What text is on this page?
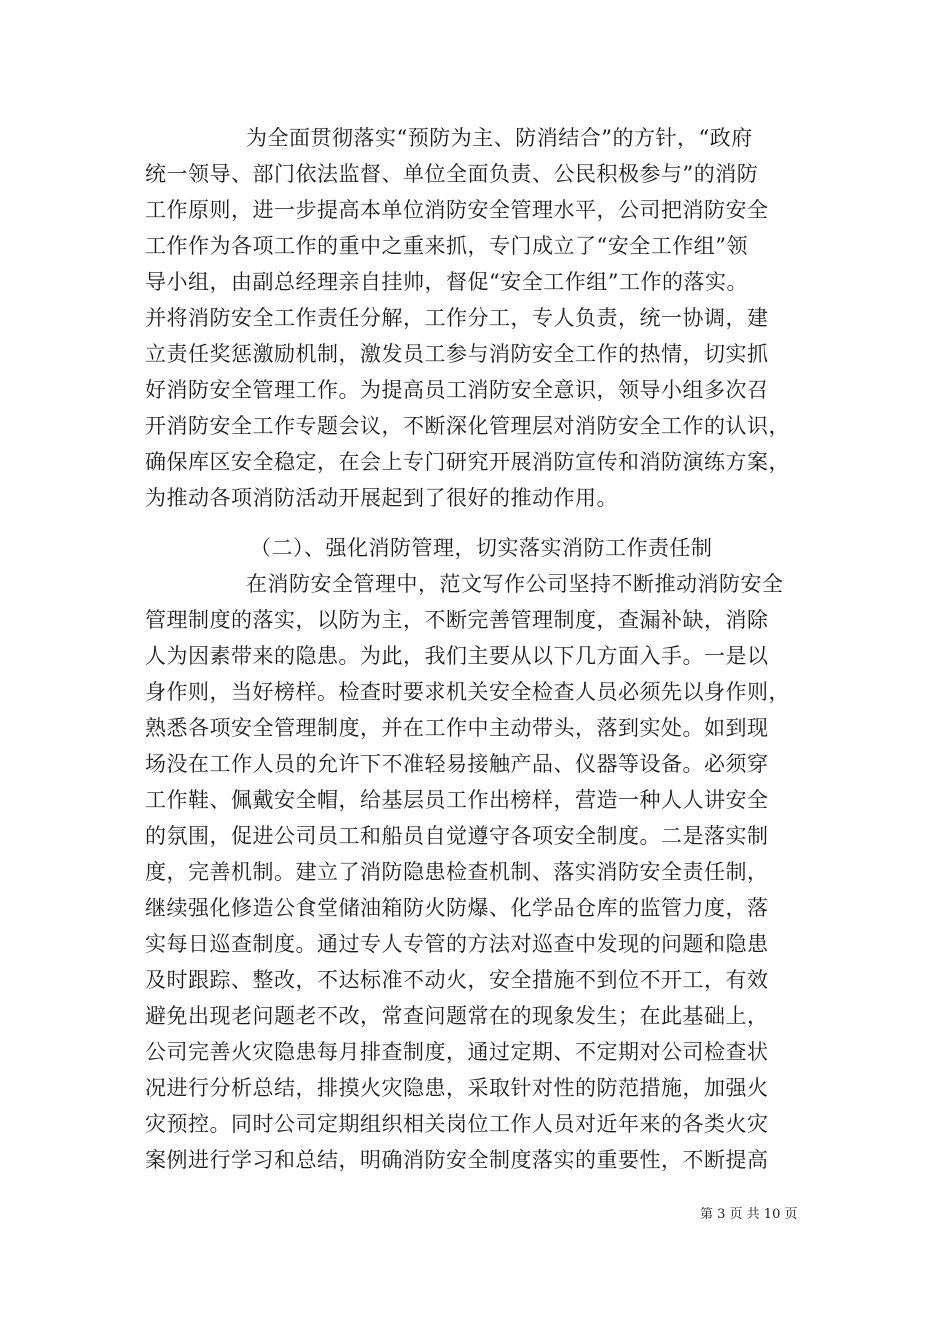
为全面贯彻落实“预防为主、防消结合”的方针，“政府
统一领导、部门依法监督、单位全面负责、公民积极参与”的消防
工作原则，进一步提高本单位消防安全管理水平，公司把消防安全
工作作为各项工作的重中之重来抓，专门成立了“安全工作组”领
导小组，由副总经理亲自挂帅，督促“安全工作组”工作的落实。
并将消防安全工作责任分解，工作分工，专人负责，统一协调，建
立责任奖惩激励机制，激发员工参与消防安全工作的热情，切实抓
好消防安全管理工作。为提高员工消防安全意识，领导小组多次召
开消防安全工作专题会议，不断深化管理层对消防安全工作的认识，
确保库区安全稳定，在会上专门研究开展消防宣传和消防演练方案，
为推动各项消防活动开展起到了很好的推动作用。
（二）、强化消防管理，切实落实消防工作责任制
在消防安全管理中，范文写作公司坚持不断推动消防安全
管理制度的落实，以防为主，不断完善管理制度，查漏补缺，消除
人为因素带来的隐患。为此，我们主要从以下几方面入手。一是以
身作则，当好榜样。检查时要求机关安全检查人员必须先以身作则，
熟悉各项安全管理制度，并在工作中主动带头，落到实处。如到现
场没在工作人员的允许下不准轻易接触产品、仪器等设备。必须穿
工作鞋、佩戴安全帽，给基层员工作出榜样，营造一种人人讲安全
的氛围，促进公司员工和船员自觉遵守各项安全制度。二是落实制
度，完善机制。建立了消防隐患检查机制、落实消防安全责任制，
继续强化修造公食堂储油箱防火防爆、化学品仓库的监管力度，落
实每日巡查制度。通过专人专管的方法对巡查中发现的问题和隐患
及时跟踪、整改，不达标准不动火，安全措施不到位不开工，有效
避免出现老问题老不改，常查问题常在的现象发生；在此基础上，
公司完善火灾隐患每月排查制度，通过定期、不定期对公司检查状
况进行分析总结，排摸火灾隐患，采取针对性的防范措施，加强火
灾预控。同时公司定期组织相关岗位工作人员对近年来的各类火灾
案例进行学习和总结，明确消防安全制度落实的重要性，不断提高
第 3 页 共 10 页
